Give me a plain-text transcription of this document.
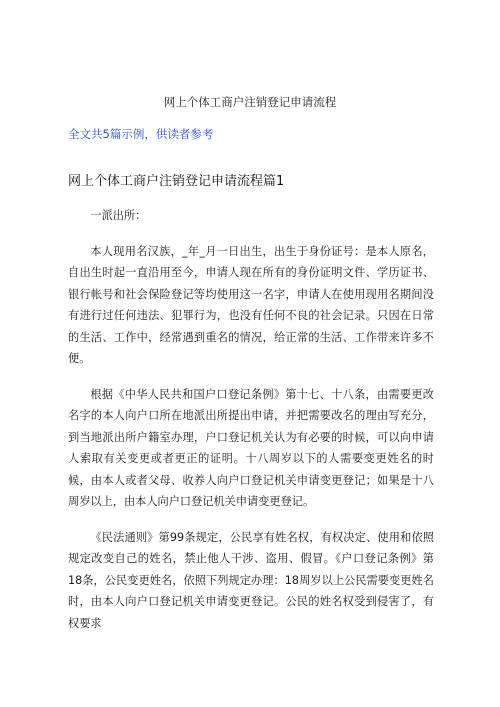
网上个体工商户注销登记申请流程
全文共5篇示例，供读者参考
网上个体工商户注销登记申请流程篇1

一派出所：

本人现用名汉族，_年_月一日出生，出生于身份证号：是本人原名，自出生时起一直沿用至今，申请人现在所有的身份证明文件、学历证书、银行帐号和社会保险登记等均使用这一名字，申请人在使用现用名期间没有进行过任何违法、犯罪行为，也没有任何不良的社会记录。只因在日常的生活、工作中，经常遇到重名的情况，给正常的生活、工作带来许多不便。

根据《中华人民共和国户口登记条例》第十七、十八条，由需要更改名字的本人向户口所在地派出所提出申请，并把需要改名的理由写充分，到当地派出所户籍室办理，户口登记机关认为有必要的时候，可以向申请人索取有关变更或者更正的证明。十八周岁以下的人需要变更姓名的时候，由本人或者父母、收养人向户口登记机关申请变更登记；如果是十八周岁以上，由本人向户口登记机关申请变更登记。

《民法通则》第99条规定，公民享有姓名权，有权决定、使用和依照规定改变自己的姓名，禁止他人干涉、盗用、假冒。《户口登记条例》第18条，公民变更姓名，依照下列规定办理：18周岁以上公民需要变更姓名时，由本人向户口登记机关申请变更登记。公民的姓名权受到侵害了，有权要求
